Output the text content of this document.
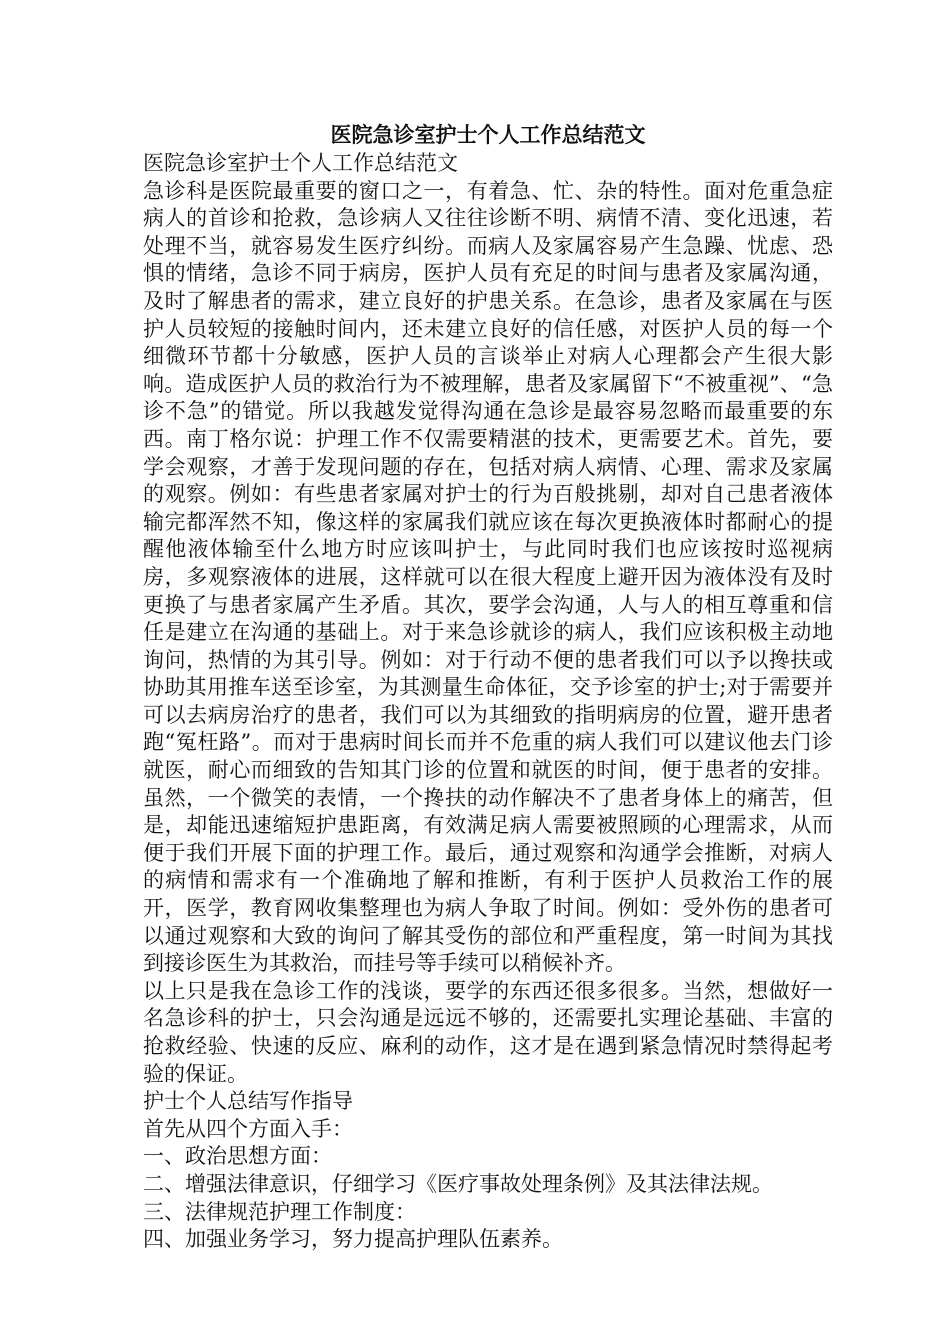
医院急诊室护士个人工作总结范文

医院急诊室护士个人工作总结范文

急诊科是医院最重要的窗口之一，有着急、忙、杂的特性。面对危重急症病人的首诊和抢救，急诊病人又往往诊断不明、病情不清、变化迅速，若处理不当，就容易发生医疗纠纷。而病人及家属容易产生急躁、忧虑、恐惧的情绪，急诊不同于病房，医护人员有充足的时间与患者及家属沟通，及时了解患者的需求，建立良好的护患关系。在急诊，患者及家属在与医护人员较短的接触时间内，还未建立良好的信任感，对医护人员的每一个细微环节都十分敏感，医护人员的言谈举止对病人心理都会产生很大影响。造成医护人员的救治行为不被理解，患者及家属留下“不被重视”、“急诊不急”的错觉。所以我越发觉得沟通在急诊是最容易忽略而最重要的东西。南丁格尔说：护理工作不仅需要精湛的技术，更需要艺术。首先，要学会观察，才善于发现问题的存在，包括对病人病情、心理、需求及家属的观察。例如：有些患者家属对护士的行为百般挑剔，却对自己患者液体输完都浑然不知，像这样的家属我们就应该在每次更换液体时都耐心的提醒他液体输至什么地方时应该叫护士，与此同时我们也应该按时巡视病房，多观察液体的进展，这样就可以在很大程度上避开因为液体没有及时更换了与患者家属产生矛盾。其次，要学会沟通，人与人的相互尊重和信任是建立在沟通的基础上。对于来急诊就诊的病人，我们应该积极主动地询问，热情的为其引导。例如：对于行动不便的患者我们可以予以搀扶或协助其用推车送至诊室，为其测量生命体征，交予诊室的护士;对于需要并可以去病房治疗的患者，我们可以为其细致的指明病房的位置，避开患者跑“冤枉路”。而对于患病时间长而并不危重的病人我们可以建议他去门诊就医，耐心而细致的告知其门诊的位置和就医的时间，便于患者的安排。虽然，一个微笑的表情，一个搀扶的动作解决不了患者身体上的痛苦，但是，却能迅速缩短护患距离，有效满足病人需要被照顾的心理需求，从而便于我们开展下面的护理工作。最后，通过观察和沟通学会推断，对病人的病情和需求有一个准确地了解和推断，有利于医护人员救治工作的展开，医学，教育网收集整理也为病人争取了时间。例如：受外伤的患者可以通过观察和大致的询问了解其受伤的部位和严重程度，第一时间为其找到接诊医生为其救治，而挂号等手续可以稍候补齐。

以上只是我在急诊工作的浅谈，要学的东西还很多很多。当然，想做好一名急诊科的护士，只会沟通是远远不够的，还需要扎实理论基础、丰富的抢救经验、快速的反应、麻利的动作，这才是在遇到紧急情况时禁得起考验的保证。

护士个人总结写作指导

首先从四个方面入手：

一、政治思想方面：

二、增强法律意识，仔细学习《医疗事故处理条例》及其法律法规。

三、法律规范护理工作制度：

四、加强业务学习，努力提高护理队伍素养。
